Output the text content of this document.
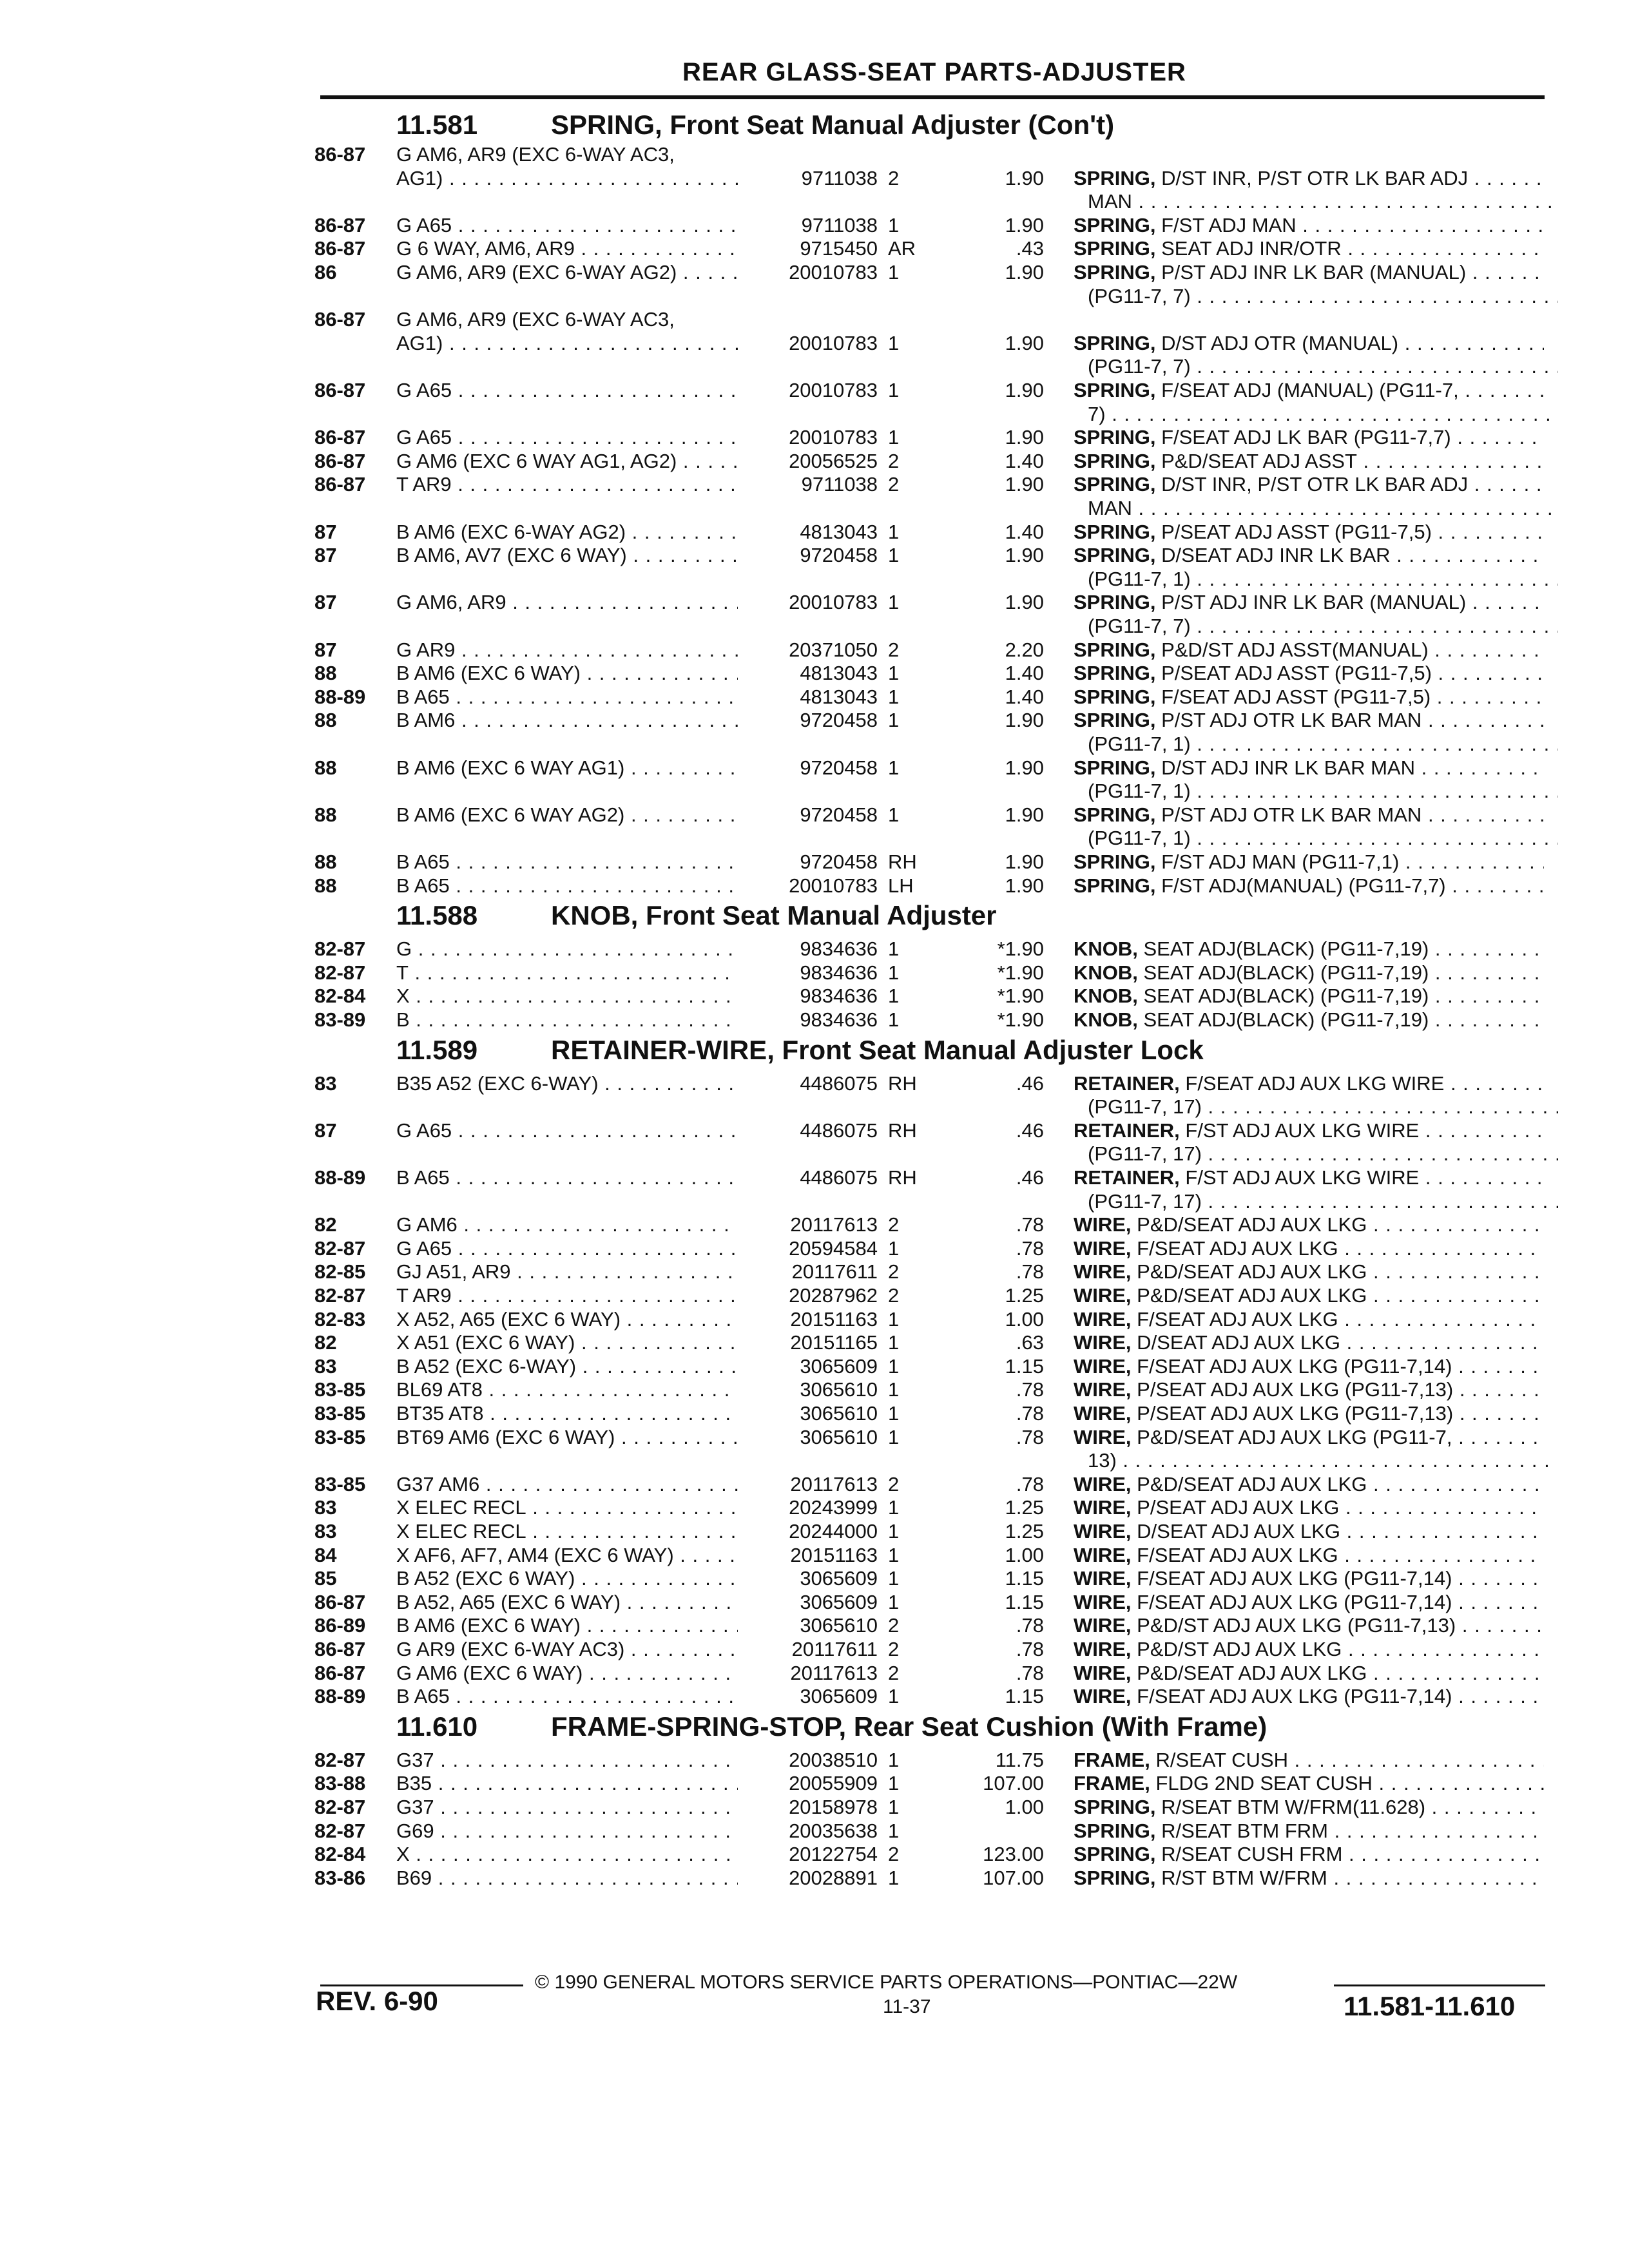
REAR GLASS-SEAT PARTS-ADJUSTER
11.581	SPRING, Front Seat Manual Adjuster (Con't)
86-87 G AM6, AR9 (EXC 6-WAY AC3,
AG1) . . .	9711038 2	1.90 SPRING, D/ST INR, P/ST OTR LK BAR ADJ . . .
MAN . . .
86-87 G A65 . . .	9711038 1	1.90 SPRING, F/ST ADJ MAN . . .
86-87 G 6 WAY, AM6, AR9 . . .	9715450 AR	.43 SPRING, SEAT ADJ INR/OTR . . .
86	G AM6, AR9 (EXC 6-WAY AG2) . . .	20010783 1	1.90 SPRING, P/ST ADJ INR LK BAR (MANUAL) . . .
(PG11-7, 7) . . .
86-87 G AM6, AR9 (EXC 6-WAY AC3,
AG1) . . .	20010783 1	1.90 SPRING, D/ST ADJ OTR (MANUAL) . . .
(PG11-7, 7) . . .
86-87 G A65 . . .	20010783 1	1.90 SPRING, F/SEAT ADJ (MANUAL) (PG11-7, . . .
7) . . .
86-87 G A65 . . .	20010783 1	1.90 SPRING, F/SEAT ADJ LK BAR (PG11-7,7) . . .
86-87 G AM6 (EXC 6 WAY AG1, AG2) . . .	20056525 2	1.40 SPRING, P&D/SEAT ADJ ASST . . .
86-87 T AR9 . . .	9711038 2	1.90 SPRING, D/ST INR, P/ST OTR LK BAR ADJ . . .
MAN . . .
87	B AM6 (EXC 6-WAY AG2) . . .	4813043 1	1.40 SPRING, P/SEAT ADJ ASST (PG11-7,5) . . .
87	B AM6, AV7 (EXC 6 WAY) . . .	9720458 1	1.90 SPRING, D/SEAT ADJ INR LK BAR . . .
(PG11-7, 1) . . .
87	G AM6, AR9 . . .	20010783 1	1.90 SPRING, P/ST ADJ INR LK BAR (MANUAL) . . .
(PG11-7, 7) . . .
87	G AR9 . . .	20371050 2	2.20 SPRING, P&D/ST ADJ ASST(MANUAL) . . .
88	B AM6 (EXC 6 WAY) . . .	4813043 1	1.40 SPRING, P/SEAT ADJ ASST (PG11-7,5) . . .
88-89 B A65 . . .	4813043 1	1.40 SPRING, F/SEAT ADJ ASST (PG11-7,5) . . .
88	B AM6 . . .	9720458 1	1.90 SPRING, P/ST ADJ OTR LK BAR MAN . . .
(PG11-7, 1) . . .
88	B AM6 (EXC 6 WAY AG1) . . .	9720458 1	1.90 SPRING, D/ST ADJ INR LK BAR MAN . . .
(PG11-7, 1) . . .
88	B AM6 (EXC 6 WAY AG2) . . .	9720458 1	1.90 SPRING, P/ST ADJ OTR LK BAR MAN . . .
(PG11-7, 1) . . .
88	B A65 . . .	9720458 RH	1.90 SPRING, F/ST ADJ MAN (PG11-7,1) . . .
88	B A65 . . .	20010783 LH	1.90 SPRING, F/ST ADJ(MANUAL) (PG11-7,7) . . .
11.588	KNOB, Front Seat Manual Adjuster
82-87 G . . .	9834636 1	*1.90 KNOB, SEAT ADJ(BLACK) (PG11-7,19) . . .
82-87 T . . .	9834636 1	*1.90 KNOB, SEAT ADJ(BLACK) (PG11-7,19) . . .
82-84 X . . .	9834636 1	*1.90 KNOB, SEAT ADJ(BLACK) (PG11-7,19) . . .
83-89 B . . .	9834636 1	*1.90 KNOB, SEAT ADJ(BLACK) (PG11-7,19) . . .
11.589	RETAINER-WIRE, Front Seat Manual Adjuster Lock
83	B35 A52 (EXC 6-WAY) . . .	4486075 RH	.46 RETAINER, F/SEAT ADJ AUX LKG WIRE . . .
(PG11-7, 17) . . .
87	G A65 . . .	4486075 RH	.46 RETAINER, F/ST ADJ AUX LKG WIRE . . .
(PG11-7, 17) . . .
88-89 B A65 . . .	4486075 RH	.46 RETAINER, F/ST ADJ AUX LKG WIRE . . .
(PG11-7, 17) . . .
82	G AM6 . . .	20117613 2	.78 WIRE, P&D/SEAT ADJ AUX LKG . . .
82-87 G A65 . . .	20594584 1	.78 WIRE, F/SEAT ADJ AUX LKG . . .
82-85 GJ A51, AR9 . . .	20117611 2	.78 WIRE, P&D/SEAT ADJ AUX LKG . . .
82-87 T AR9 . . .	20287962 2	1.25 WIRE, P&D/SEAT ADJ AUX LKG . . .
82-83 X A52, A65 (EXC 6 WAY) . . .	20151163 1	1.00 WIRE, F/SEAT ADJ AUX LKG . . .
82	X A51 (EXC 6 WAY) . . .	20151165 1	.63 WIRE, D/SEAT ADJ AUX LKG . . .
83	B A52 (EXC 6-WAY) . . .	3065609 1	1.15 WIRE, F/SEAT ADJ AUX LKG (PG11-7,14) . . .
83-85 BL69 AT8 . . .	3065610 1	.78 WIRE, P/SEAT ADJ AUX LKG (PG11-7,13) . . .
83-85 BT35 AT8 . . .	3065610 1	.78 WIRE, P/SEAT ADJ AUX LKG (PG11-7,13) . . .
83-85 BT69 AM6 (EXC 6 WAY) . . .	3065610 1	.78 WIRE, P&D/SEAT ADJ AUX LKG (PG11-7, . . .
13) . . .
83-85 G37 AM6 . . .	20117613 2	.78 WIRE, P&D/SEAT ADJ AUX LKG . . .
83	X ELEC RECL . . .	20243999 1	1.25 WIRE, P/SEAT ADJ AUX LKG . . .
83	X ELEC RECL . . .	20244000 1	1.25 WIRE, D/SEAT ADJ AUX LKG . . .
84	X AF6, AF7, AM4 (EXC 6 WAY) . . .	20151163 1	1.00 WIRE, F/SEAT ADJ AUX LKG . . .
85	B A52 (EXC 6 WAY) . . .	3065609 1	1.15 WIRE, F/SEAT ADJ AUX LKG (PG11-7,14) . . .
86-87 B A52, A65 (EXC 6 WAY) . . .	3065609 1	1.15 WIRE, F/SEAT ADJ AUX LKG (PG11-7,14) . . .
86-89 B AM6 (EXC 6 WAY) . . .	3065610 2	.78 WIRE, P&D/ST ADJ AUX LKG (PG11-7,13) . . .
86-87 G AR9 (EXC 6-WAY AC3) . . .	20117611 2	.78 WIRE, P&D/ST ADJ AUX LKG . . .
86-87 G AM6 (EXC 6 WAY) . . .	20117613 2	.78 WIRE, P&D/SEAT ADJ AUX LKG . . .
88-89 B A65 . . .	3065609 1	1.15 WIRE, F/SEAT ADJ AUX LKG (PG11-7,14) . . .
11.610	FRAME-SPRING-STOP, Rear Seat Cushion (With Frame)
82-87 G37 . . .	20038510 1	11.75 FRAME, R/SEAT CUSH . . .
83-88 B35 . . .	20055909 1	107.00 FRAME, FLDG 2ND SEAT CUSH . . .
82-87 G37 . . .	20158978 1	1.00 SPRING, R/SEAT BTM W/FRM(11.628) . . .
82-87 G69 . . .	20035638 1	SPRING, R/SEAT BTM FRM . . .
82-84 X . . .	20122754 2	123.00 SPRING, R/SEAT CUSH FRM . . .
83-86 B69 . . .	20028891 1	107.00 SPRING, R/ST BTM W/FRM . . .
© 1990 GENERAL MOTORS SERVICE PARTS OPERATIONS—PONTIAC—22W
REV. 6-90	11-37	11.581-11.610
